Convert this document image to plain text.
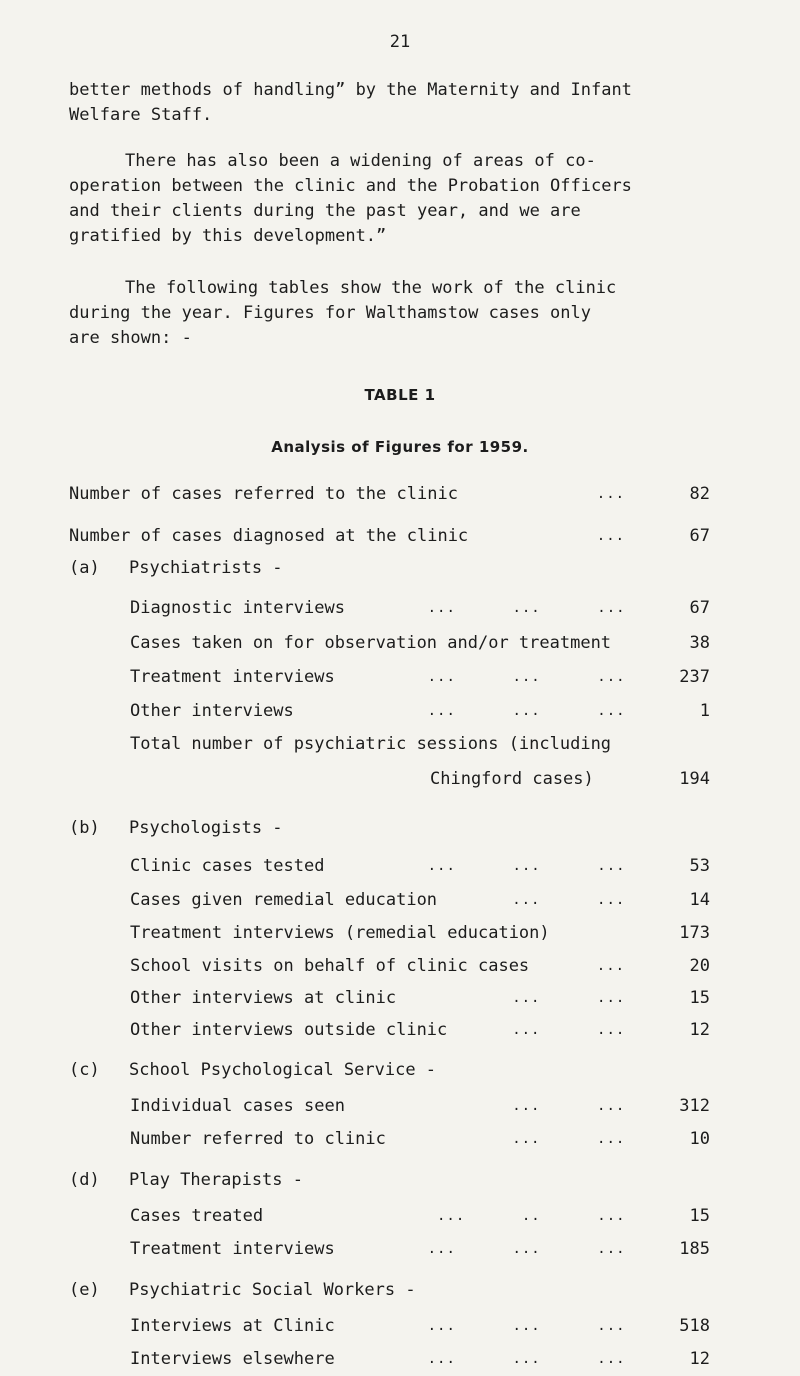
21
better methods of handling” by the Maternity and Infant
Welfare Staff.
There has also been a widening of areas of co-
operation between the clinic and the Probation Officers
and their clients during the past year, and we are
gratified by this development.”
The following tables show the work of the clinic
during the year. Figures for Walthamstow cases only
are shown: -
TABLE 1
Analysis of Figures for 1959.
Number of cases referred to the clinic	...	82
Number of cases diagnosed at the clinic	...	67
(a) Psychiatrists -
Diagnostic interviews	...      ...      ...	67
Cases taken on for observation and/or treatment	38
Treatment interviews	...      ...      ...	237
Other interviews	...      ...      ...	1
Total number of psychiatric sessions (including
Chingford cases)	194
(b) Psychologists -
Clinic cases tested	...      ...      ...	53
Cases given remedial education	...      ...	14
Treatment interviews (remedial education)	173
School visits on behalf of clinic cases	...	20
Other interviews at clinic	...      ...	15
Other interviews outside clinic	...      ...	12
(c) School Psychological Service -
Individual cases seen	...      ...	312
Number referred to clinic	...      ...	10
(d) Play Therapists -
Cases treated	...      ..      ...	15
Treatment interviews	...      ...      ...	185
(e) Psychiatric Social Workers -
Interviews at Clinic	...      ...      ...	518
Interviews elsewhere	...      ...      ...	12
